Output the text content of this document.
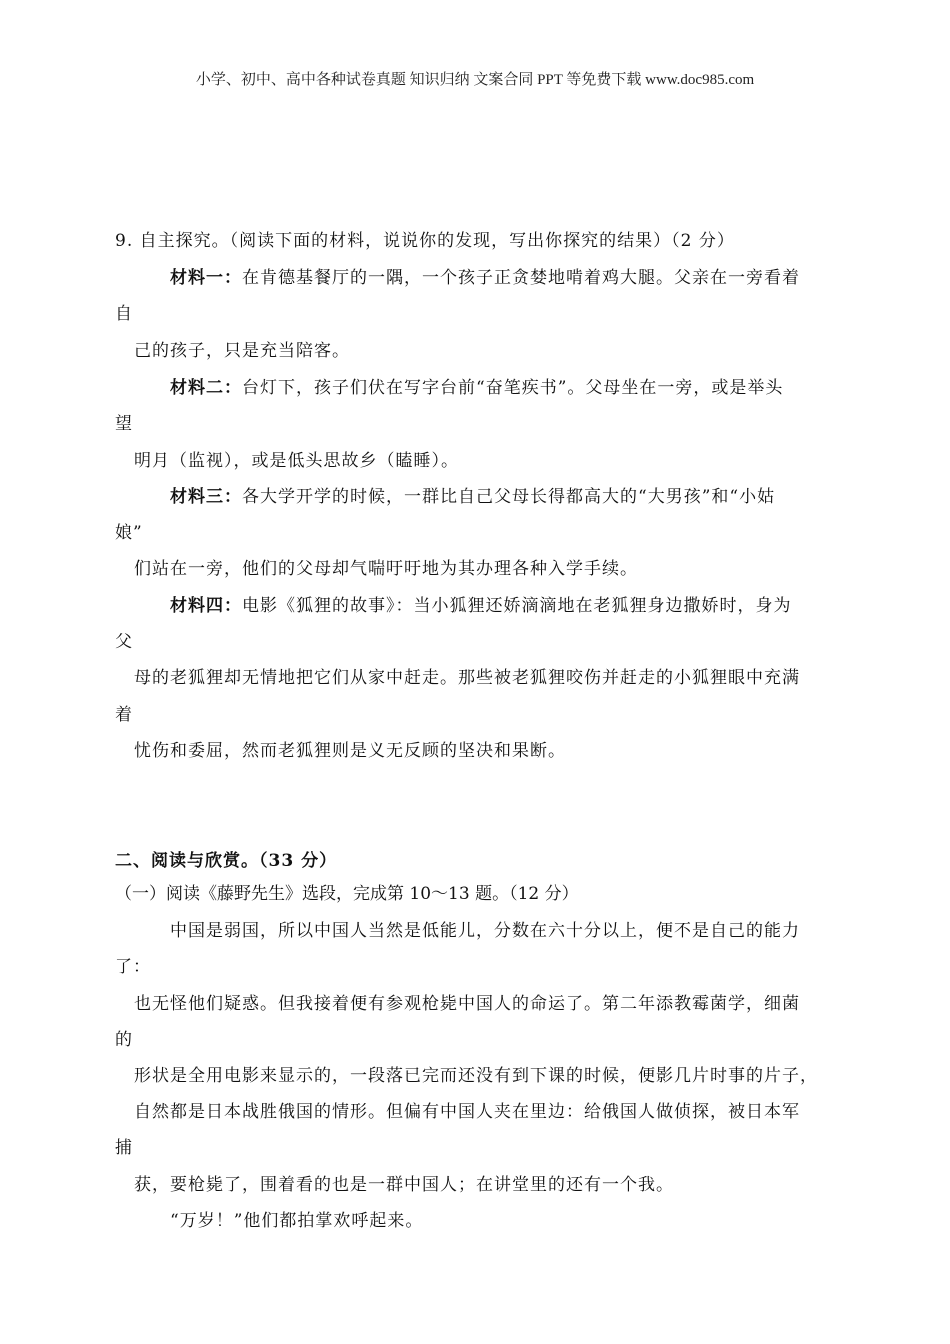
小学、初中、高中各种试卷真题 知识归纳 文案合同 PPT 等免费下载 www.doc985.com
9. 自主探究。（阅读下面的材料，说说你的发现，写出你探究的结果）（2 分）
材料一：在肯德基餐厅的一隅，一个孩子正贪婪地啃着鸡大腿。父亲在一旁看着
自
己的孩子，只是充当陪客。
材料二：台灯下，孩子们伏在写字台前“奋笔疾书”。父母坐在一旁，或是举头
望
明月（监视），或是低头思故乡（瞌睡）。
材料三：各大学开学的时候，一群比自己父母长得都高大的“大男孩”和“小姑
娘”
们站在一旁，他们的父母却气喘吁吁地为其办理各种入学手续。
材料四：电影《狐狸的故事》：当小狐狸还娇滴滴地在老狐狸身边撒娇时，身为
父
母的老狐狸却无情地把它们从家中赶走。那些被老狐狸咬伤并赶走的小狐狸眼中充满
着
忧伤和委屈，然而老狐狸则是义无反顾的坚决和果断。
二、阅读与欣赏。（33 分）
（一）阅读《藤野先生》选段，完成第 10～13 题。（12 分）
中国是弱国，所以中国人当然是低能儿，分数在六十分以上，便不是自己的能力
了：
也无怪他们疑惑。但我接着便有参观枪毙中国人的命运了。第二年添教霉菌学，细菌
的
形状是全用电影来显示的，一段落已完而还没有到下课的时候，便影几片时事的片子，
自然都是日本战胜俄国的情形。但偏有中国人夹在里边：给俄国人做侦探，被日本军
捕
获，要枪毙了，围着看的也是一群中国人；在讲堂里的还有一个我。
“万岁！”他们都拍掌欢呼起来。
